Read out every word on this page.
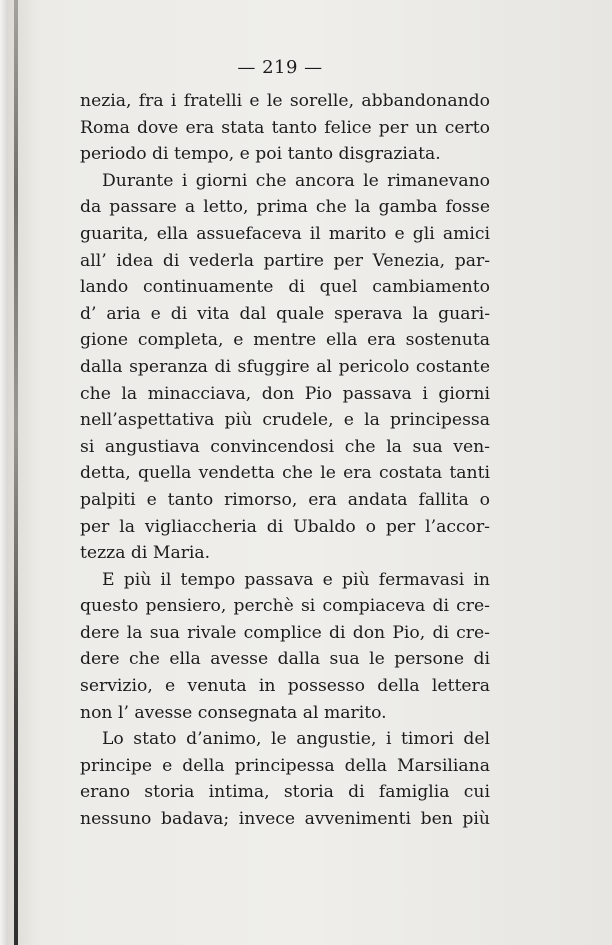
— 219 —
nezia, fra i fratelli e le sorelle, abbandonando
Roma dove era stata tanto felice per un certo
periodo di tempo, e poi tanto disgraziata.
Durante i giorni che ancora le rimanevano
da passare a letto, prima che la gamba fosse
guarita, ella assuefaceva il marito e gli amici
all’ idea di vederla partire per Venezia, par-
lando continuamente di quel cambiamento
d’ aria e di vita dal quale sperava la guari-
gione completa, e mentre ella era sostenuta
dalla speranza di sfuggire al pericolo costante
che la minacciava, don Pio passava i giorni
nell’aspettativa più crudele, e la principessa
si angustiava convincendosi che la sua ven-
detta, quella vendetta che le era costata tanti
palpiti e tanto rimorso, era andata fallita o
per la vigliaccheria di Ubaldo o per l’accor-
tezza di Maria.
E più il tempo passava e più fermavasi in
questo pensiero, perchè si compiaceva di cre-
dere la sua rivale complice di don Pio, di cre-
dere che ella avesse dalla sua le persone di
servizio, e venuta in possesso della lettera
non l’ avesse consegnata al marito.
Lo stato d’animo, le angustie, i timori del
principe e della principessa della Marsiliana
erano storia intima, storia di famiglia cui
nessuno badava; invece avvenimenti ben più
